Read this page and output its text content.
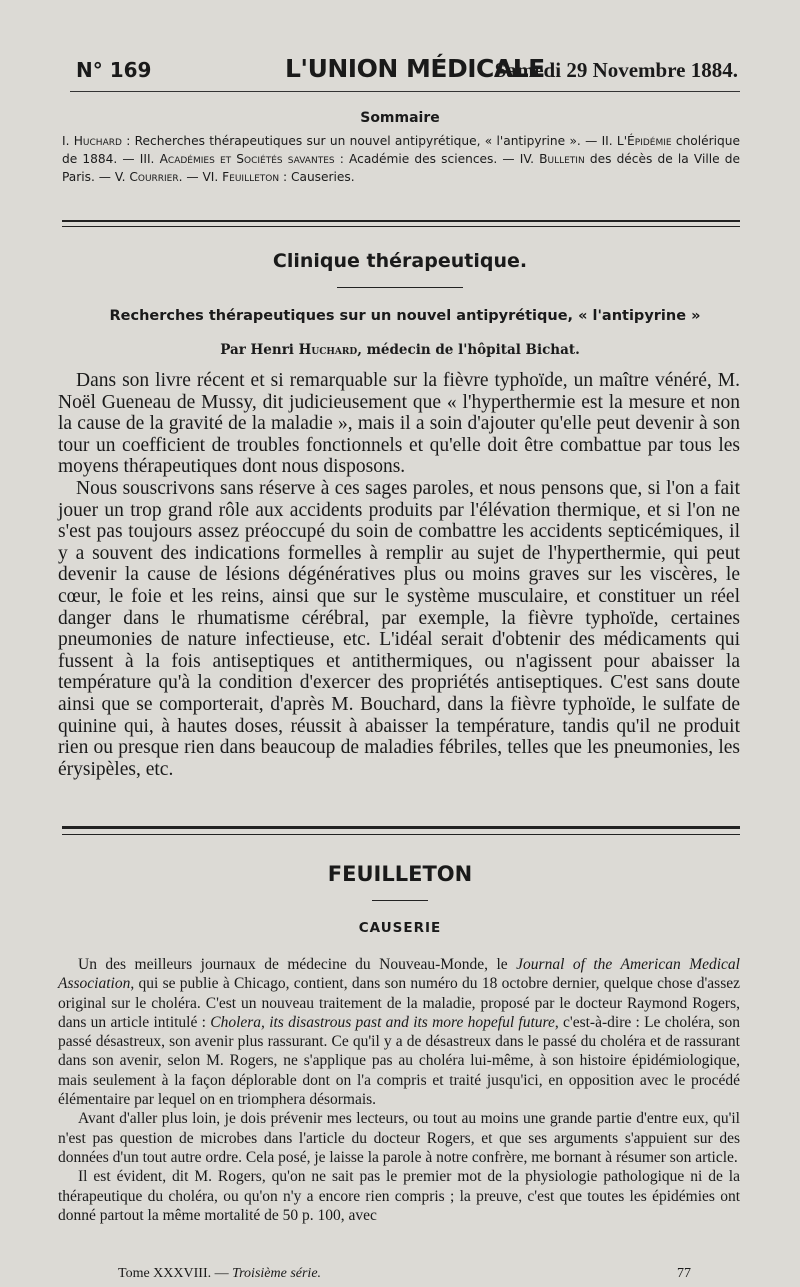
N° 169	L'UNION MÉDICALE
Samedi 29 Novembre 1884.
Sommaire
I. Huchard : Recherches thérapeutiques sur un nouvel antipyrétique, « l'antipyrine ». — II. L'Épidémie cholérique de 1884. — III. Académies et Sociétés savantes : Académie des sciences. — IV. Bulletin des décès de la Ville de Paris. — V. Courrier. — VI. Feuilleton : Causeries.
Clinique thérapeutique.
Recherches thérapeutiques sur un nouvel antipyrétique, « l'antipyrine »
Par Henri Huchard, médecin de l'hôpital Bichat.

Dans son livre récent et si remarquable sur la fièvre typhoïde, un maître vénéré, M. Noël Gueneau de Mussy, dit judicieusement que « l'hyperthermie est la mesure et non la cause de la gravité de la maladie », mais il a soin d'ajouter qu'elle peut devenir à son tour un coefficient de troubles fonctionnels et qu'elle doit être combattue par tous les moyens thérapeutiques dont nous disposons.

Nous souscrivons sans réserve à ces sages paroles, et nous pensons que, si l'on a fait jouer un trop grand rôle aux accidents produits par l'élévation thermique, et si l'on ne s'est pas toujours assez préoccupé du soin de combattre les accidents septicémiques, il y a souvent des indications formelles à remplir au sujet de l'hyperthermie, qui peut devenir la cause de lésions dégénératives plus ou moins graves sur les viscères, le cœur, le foie et les reins, ainsi que sur le système musculaire, et constituer un réel danger dans le rhumatisme cérébral, par exemple, la fièvre typhoïde, certaines pneumonies de nature infectieuse, etc. L'idéal serait d'obtenir des médicaments qui fussent à la fois antiseptiques et antithermiques, ou n'agissent pour abaisser la température qu'à la condition d'exercer des propriétés antiseptiques. C'est sans doute ainsi que se comporterait, d'après M. Bouchard, dans la fièvre typhoïde, le sulfate de quinine qui, à hautes doses, réussit à abaisser la température, tandis qu'il ne produit rien ou presque rien dans beaucoup de maladies fébriles, telles que les pneumonies, les érysipèles, etc.

FEUILLETON
CAUSERIE

Un des meilleurs journaux de médecine du Nouveau-Monde, le Journal of the American Medical Association, qui se publie à Chicago, contient, dans son numéro du 18 octobre dernier, quelque chose d'assez original sur le choléra. C'est un nouveau traitement de la maladie, proposé par le docteur Raymond Rogers, dans un article intitulé : Cholera, its disastrous past and its more hopeful future, c'est-à-dire : Le choléra, son passé désastreux, son avenir plus rassurant. Ce qu'il y a de désastreux dans le passé du choléra et de rassurant dans son avenir, selon M. Rogers, ne s'applique pas au choléra lui-même, à son histoire épidémiologique, mais seulement à la façon déplorable dont on l'a compris et traité jusqu'ici, en opposition avec le procédé élémentaire par lequel on en triomphera désormais.

Avant d'aller plus loin, je dois prévenir mes lecteurs, ou tout au moins une grande partie d'entre eux, qu'il n'est pas question de microbes dans l'article du docteur Rogers, et que ses arguments s'appuient sur des données d'un tout autre ordre. Cela posé, je laisse la parole à notre confrère, me bornant à résumer son article.

Il est évident, dit M. Rogers, qu'on ne sait pas le premier mot de la physiologie pathologique ni de la thérapeutique du choléra, ou qu'on n'y a encore rien compris ; la preuve, c'est que toutes les épidémies ont donné partout la même mortalité de 50 p. 100, avec

Tome XXXVIII. — Troisième série.	77
